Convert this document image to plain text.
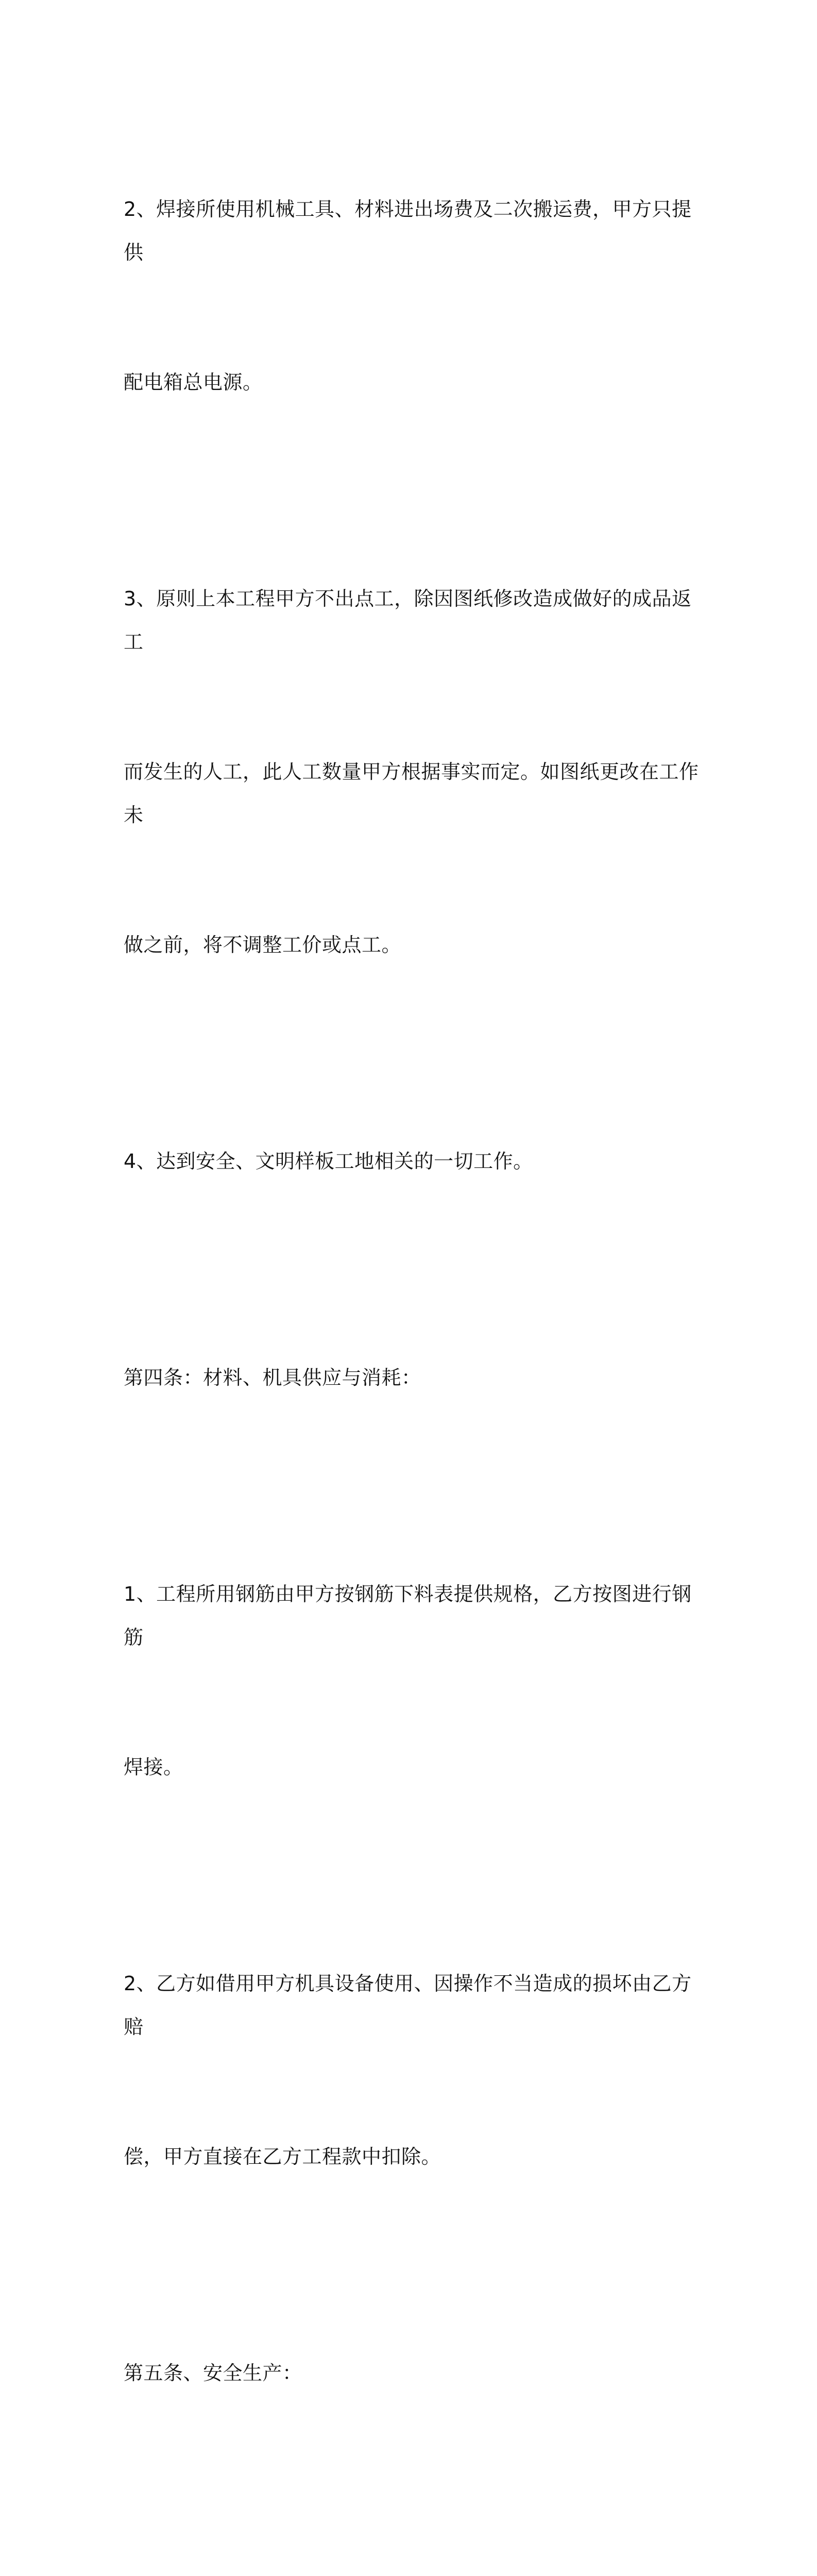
2、焊接所使用机械工具、材料进出场费及二次搬运费，甲方只提供

配电箱总电源。

3、原则上本工程甲方不出点工，除因图纸修改造成做好的成品返工

而发生的人工，此人工数量甲方根据事实而定。如图纸更改在工作未

做之前，将不调整工价或点工。

4、达到安全、文明样板工地相关的一切工作。

第四条：材料、机具供应与消耗：

1、工程所用钢筋由甲方按钢筋下料表提供规格，乙方按图进行钢筋

焊接。

2、乙方如借用甲方机具设备使用、因操作不当造成的损坏由乙方赔

偿，甲方直接在乙方工程款中扣除。

第五条、安全生产：
